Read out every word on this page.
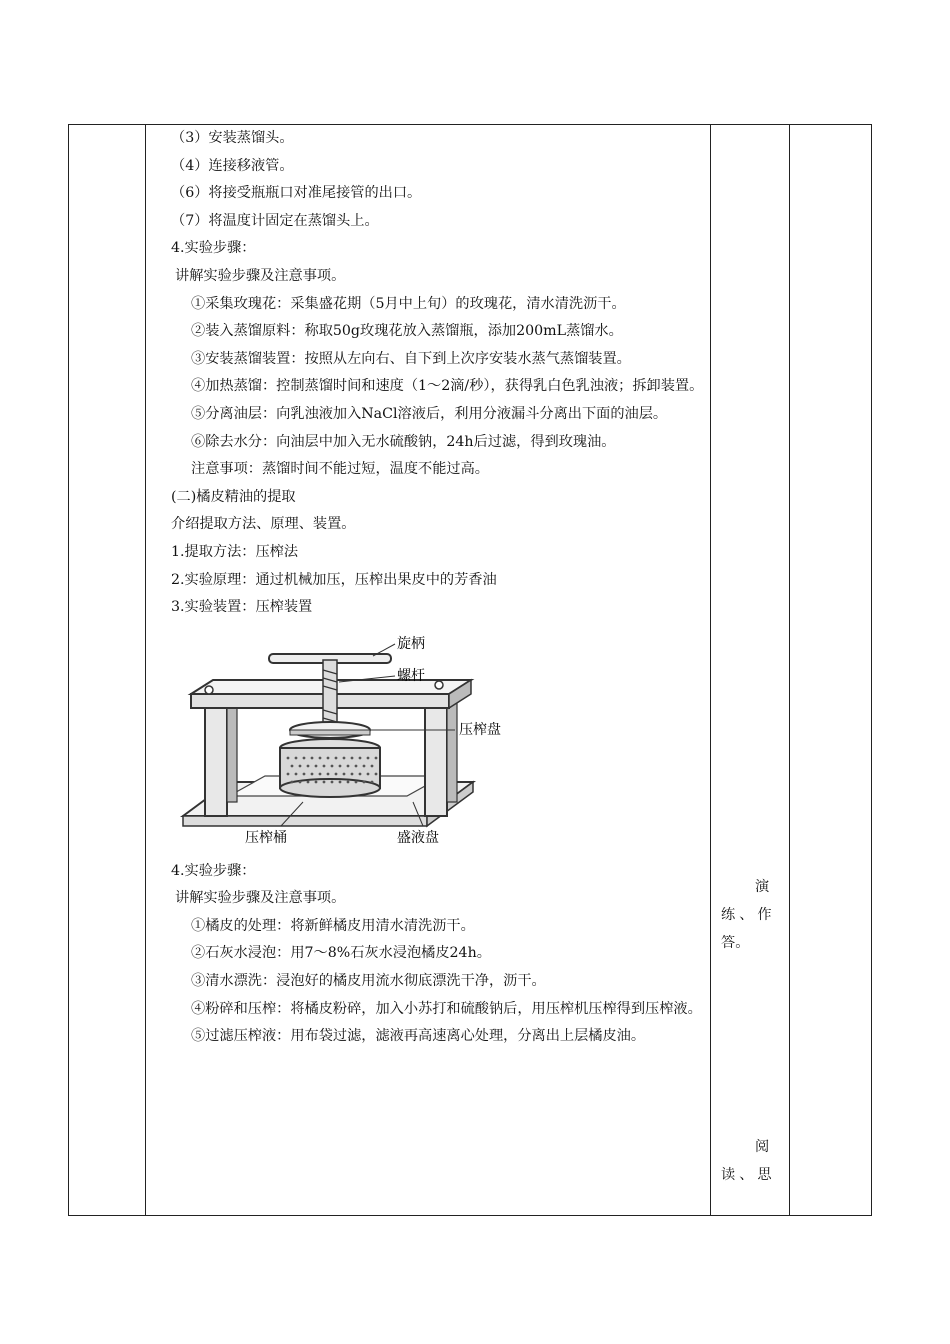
（3）安装蒸馏头。

（4）连接移液管。

（6）将接受瓶瓶口对准尾接管的出口。

（7）将温度计固定在蒸馏头上。

4.实验步骤：

讲解实验步骤及注意事项。

①采集玫瑰花：采集盛花期（5月中上旬）的玫瑰花，清水清洗沥干。

②装入蒸馏原料：称取50g玫瑰花放入蒸馏瓶，添加200mL蒸馏水。

③安装蒸馏装置：按照从左向右、自下到上次序安装水蒸气蒸馏装置。

④加热蒸馏：控制蒸馏时间和速度（1～2滴/秒），获得乳白色乳浊液；拆卸装置。

⑤分离油层：向乳浊液加入NaCl溶液后，利用分液漏斗分离出下面的油层。

⑥除去水分：向油层中加入无水硫酸钠，24h后过滤，得到玫瑰油。

注意事项：蒸馏时间不能过短，温度不能过高。

(二)橘皮精油的提取

介绍提取方法、原理、装置。

1.提取方法：压榨法

2.实验原理：通过机械加压，压榨出果皮中的芳香油

3.实验装置：压榨装置

旋柄
螺杆
压榨盘
压榨桶	盛液盘

4.实验步骤：

讲解实验步骤及注意事项。

①橘皮的处理：将新鲜橘皮用清水清洗沥干。

②石灰水浸泡：用7～8%石灰水浸泡橘皮24h。

③清水漂洗：浸泡好的橘皮用流水彻底漂洗干净，沥干。

④粉碎和压榨：将橘皮粉碎，加入小苏打和硫酸钠后，用压榨机压榨得到压榨液。

⑤过滤压榨液：用布袋过滤，滤液再高速离心处理，分离出上层橘皮油。

演
练、作
答。
阅
读、思
